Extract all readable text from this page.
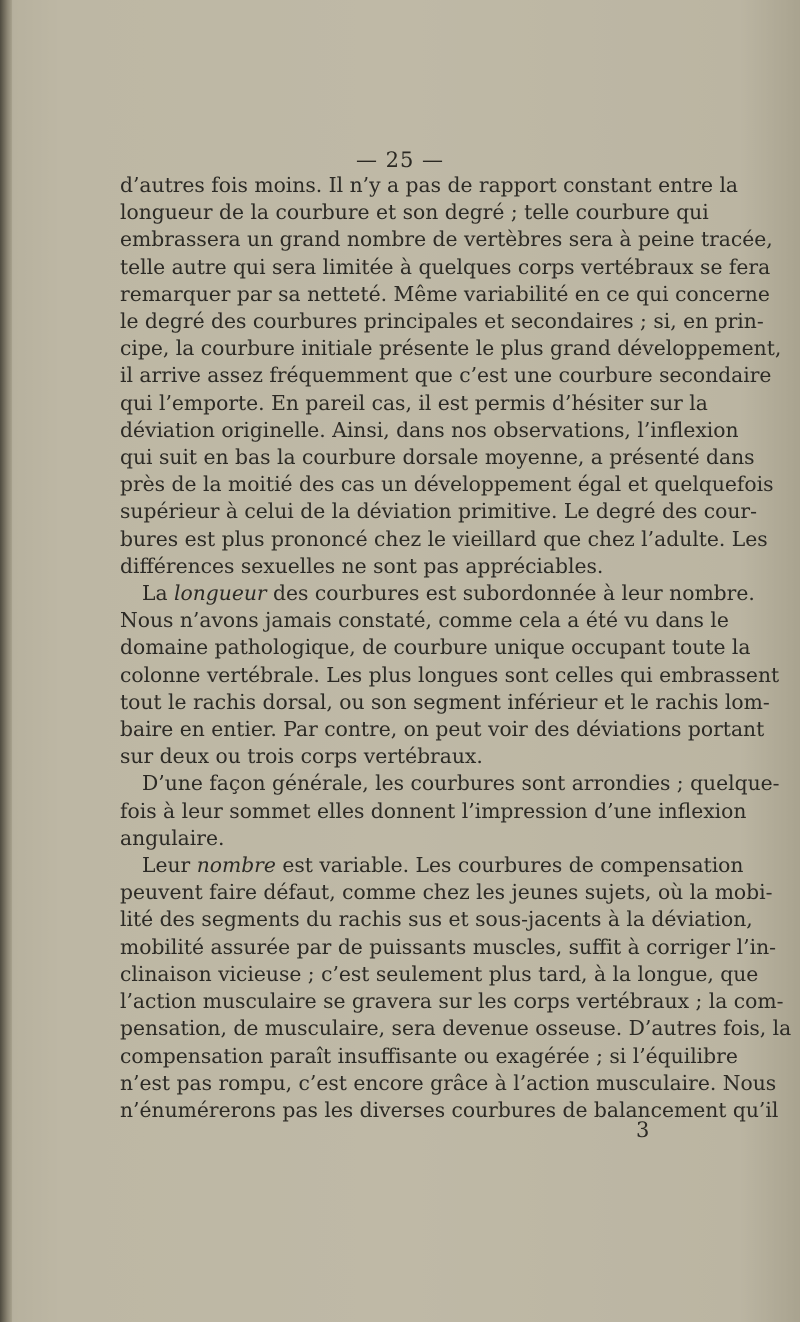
— 25 —

d’autres fois moins. Il n’y a pas de rapport constant entre la
longueur de la courbure et son degré ; telle courbure qui
embrassera un grand nombre de vertèbres sera à peine tracée,
telle autre qui sera limitée à quelques corps vertébraux se fera
remarquer par sa netteté. Même variabilité en ce qui concerne
le degré des courbures principales et secondaires ; si, en prin-
cipe, la courbure initiale présente le plus grand développement,
il arrive assez fréquemment que c’est une courbure secondaire
qui l’emporte. En pareil cas, il est permis d’hésiter sur la
déviation originelle. Ainsi, dans nos observations, l’inflexion
qui suit en bas la courbure dorsale moyenne, a présenté dans
près de la moitié des cas un développement égal et quelquefois
supérieur à celui de la déviation primitive. Le degré des cour-
bures est plus prononcé chez le vieillard que chez l’adulte. Les
différences sexuelles ne sont pas appréciables.

La longueur des courbures est subordonnée à leur nombre.
Nous n’avons jamais constaté, comme cela a été vu dans le
domaine pathologique, de courbure unique occupant toute la
colonne vertébrale. Les plus longues sont celles qui embrassent
tout le rachis dorsal, ou son segment inférieur et le rachis lom-
baire en entier. Par contre, on peut voir des déviations portant
sur deux ou trois corps vertébraux.

D’une façon générale, les courbures sont arrondies ; quelque-
fois à leur sommet elles donnent l’impression d’une inflexion
angulaire.

Leur nombre est variable. Les courbures de compensation
peuvent faire défaut, comme chez les jeunes sujets, où la mobi-
lité des segments du rachis sus et sous-jacents à la déviation,
mobilité assurée par de puissants muscles, suffit à corriger l’in-
clinaison vicieuse ; c’est seulement plus tard, à la longue, que
l’action musculaire se gravera sur les corps vertébraux ; la com-
pensation, de musculaire, sera devenue osseuse. D’autres fois, la
compensation paraît insuffisante ou exagérée ; si l’équilibre
n’est pas rompu, c’est encore grâce à l’action musculaire. Nous
n’énumérerons pas les diverses courbures de balancement qu’il

3
